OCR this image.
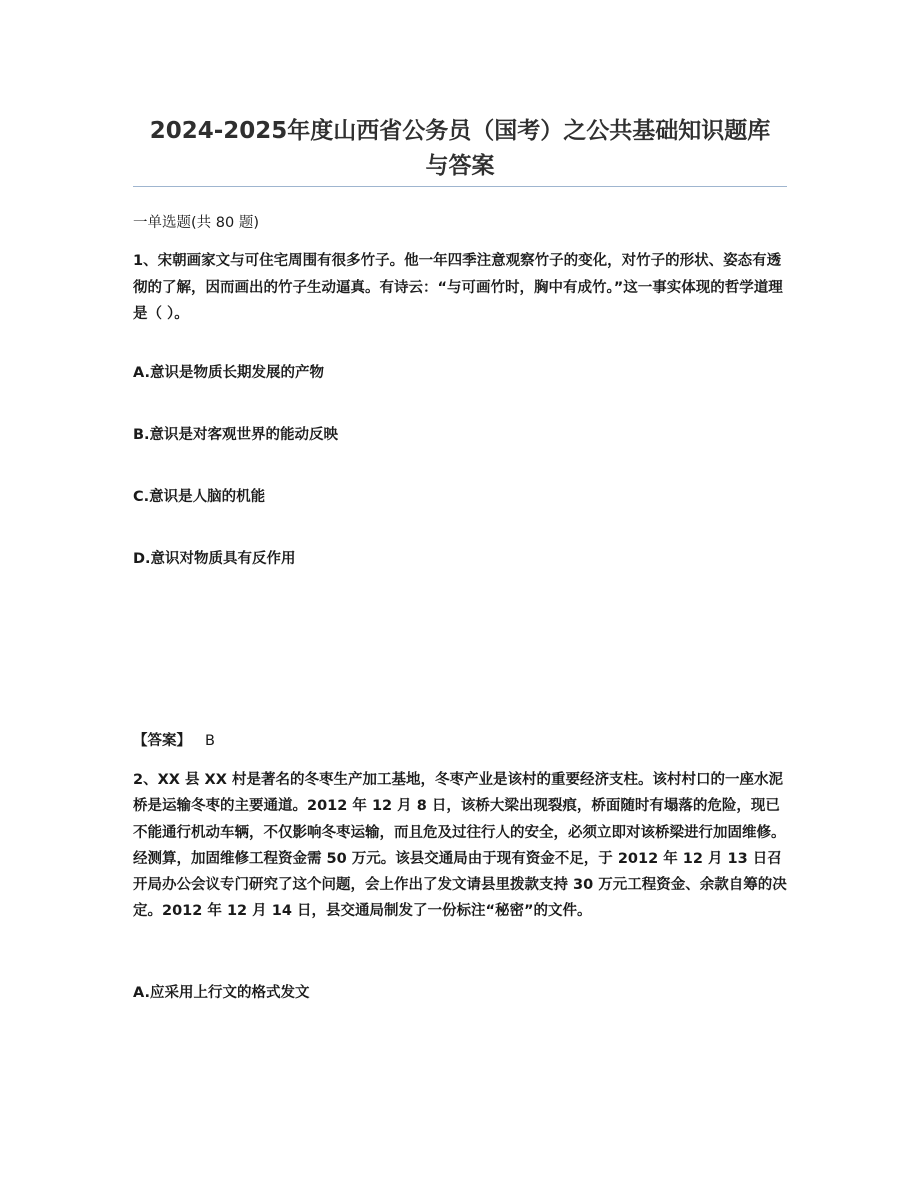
2024-2025年度山西省公务员（国考）之公共基础知识题库
与答案
一单选题(共 80 题)
1、宋朝画家文与可住宅周围有很多竹子。他一年四季注意观察竹子的变化，对竹子的形状、姿态有透彻的了解，因而画出的竹子生动逼真。有诗云：“与可画竹时，胸中有成竹。”这一事实体现的哲学道理是（ ）。
A.意识是物质长期发展的产物
B.意识是对客观世界的能动反映
C.意识是人脑的机能
D.意识对物质具有反作用
【答案】 B
2、XX 县 XX 村是著名的冬枣生产加工基地，冬枣产业是该村的重要经济支柱。该村村口的一座水泥桥是运输冬枣的主要通道。2012 年 12 月 8 日，该桥大梁出现裂痕，桥面随时有塌落的危险，现已不能通行机动车辆，不仅影响冬枣运输，而且危及过往行人的安全，必须立即对该桥梁进行加固维修。经测算，加固维修工程资金需 50 万元。该县交通局由于现有资金不足，于 2012 年 12 月 13 日召开局办公会议专门研究了这个问题，会上作出了发文请县里拨款支持 30 万元工程资金、余款自筹的决定。2012 年 12 月 14 日，县交通局制发了一份标注“秘密”的文件。
A.应采用上行文的格式发文
